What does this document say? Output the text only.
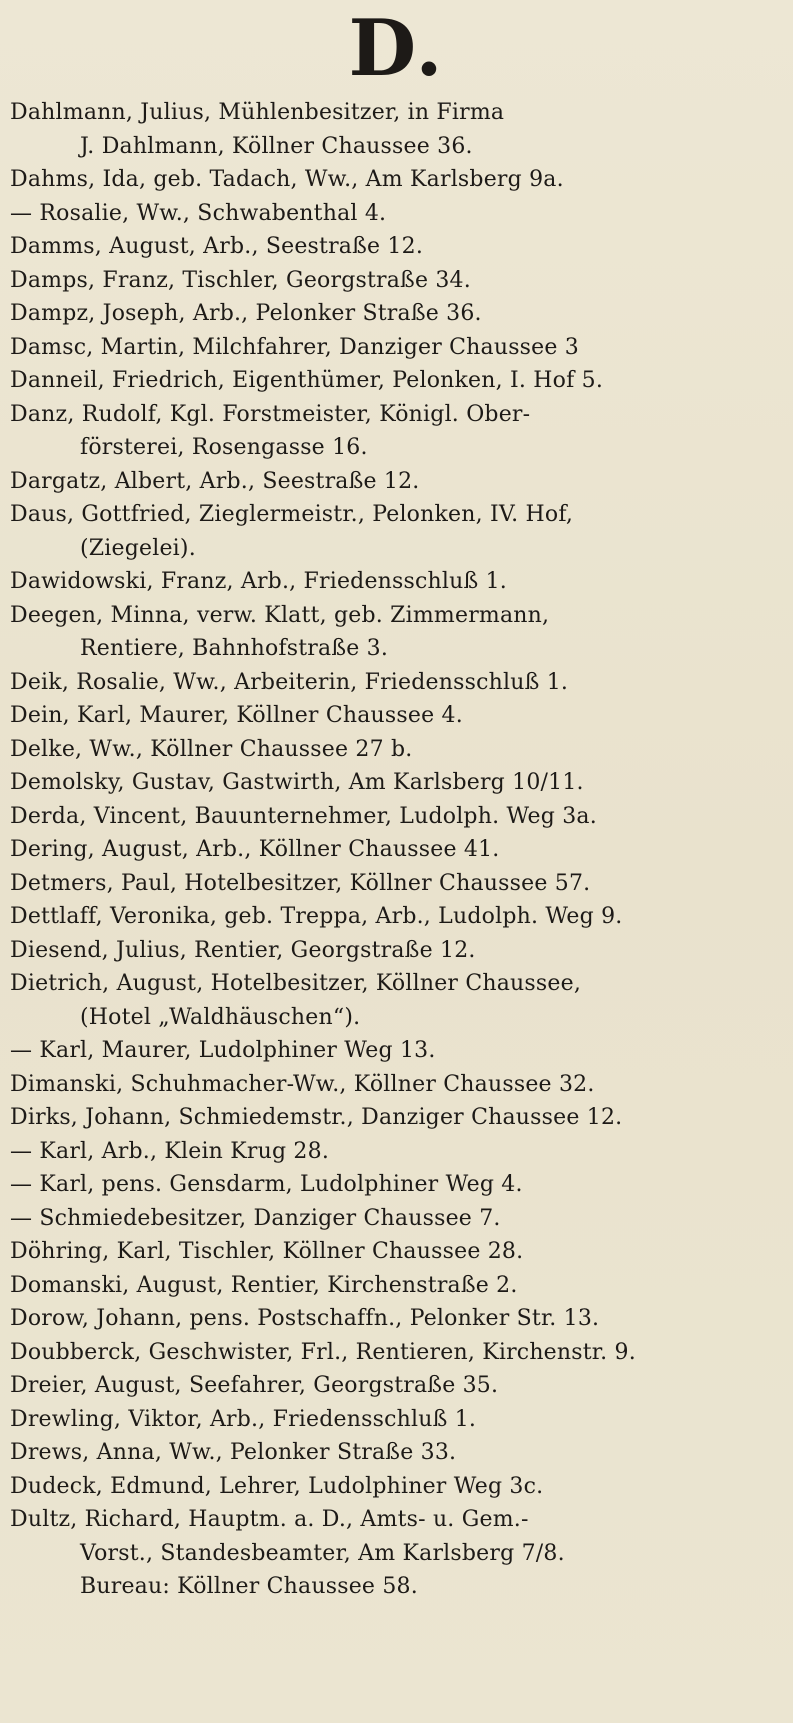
D.
Dahlmann, Julius, Mühlenbesitzer, in Firma
J. Dahlmann, Köllner Chaussee 36.
Dahms, Ida, geb. Tadach, Ww., Am Karlsberg 9a.
— Rosalie, Ww., Schwabenthal 4.
Damms, August, Arb., Seestraße 12.
Damps, Franz, Tischler, Georgstraße 34.
Dampz, Joseph, Arb., Pelonker Straße 36.
Damsc, Martin, Milchfahrer, Danziger Chaussee 3
Danneil, Friedrich, Eigenthümer, Pelonken, I. Hof 5.
Danz, Rudolf, Kgl. Forstmeister, Königl. Ober-
försterei, Rosengasse 16.
Dargatz, Albert, Arb., Seestraße 12.
Daus, Gottfried, Zieglermeistr., Pelonken, IV. Hof,
(Ziegelei).
Dawidowski, Franz, Arb., Friedensschluß 1.
Deegen, Minna, verw. Klatt, geb. Zimmermann,
Rentiere, Bahnhofstraße 3.
Deik, Rosalie, Ww., Arbeiterin, Friedensschluß 1.
Dein, Karl, Maurer, Köllner Chaussee 4.
Delke, Ww., Köllner Chaussee 27 b.
Demolsky, Gustav, Gastwirth, Am Karlsberg 10/11.
Derda, Vincent, Bauunternehmer, Ludolph. Weg 3a.
Dering, August, Arb., Köllner Chaussee 41.
Detmers, Paul, Hotelbesitzer, Köllner Chaussee 57.
Dettlaff, Veronika, geb. Treppa, Arb., Ludolph. Weg 9.
Diesend, Julius, Rentier, Georgstraße 12.
Dietrich, August, Hotelbesitzer, Köllner Chaussee,
(Hotel „Waldhäuschen“).
— Karl, Maurer, Ludolphiner Weg 13.
Dimanski, Schuhmacher-Ww., Köllner Chaussee 32.
Dirks, Johann, Schmiedemstr., Danziger Chaussee 12.
— Karl, Arb., Klein Krug 28.
— Karl, pens. Gensdarm, Ludolphiner Weg 4.
— Schmiedebesitzer, Danziger Chaussee 7.
Döhring, Karl, Tischler, Köllner Chaussee 28.
Domanski, August, Rentier, Kirchenstraße 2.
Dorow, Johann, pens. Postschaffn., Pelonker Str. 13.
Doubberck, Geschwister, Frl., Rentieren, Kirchenstr. 9.
Dreier, August, Seefahrer, Georgstraße 35.
Drewling, Viktor, Arb., Friedensschluß 1.
Drews, Anna, Ww., Pelonker Straße 33.
Dudeck, Edmund, Lehrer, Ludolphiner Weg 3c.
Dultz, Richard, Hauptm. a. D., Amts- u. Gem.-
Vorst., Standesbeamter, Am Karlsberg 7/8.
Bureau: Köllner Chaussee 58.
